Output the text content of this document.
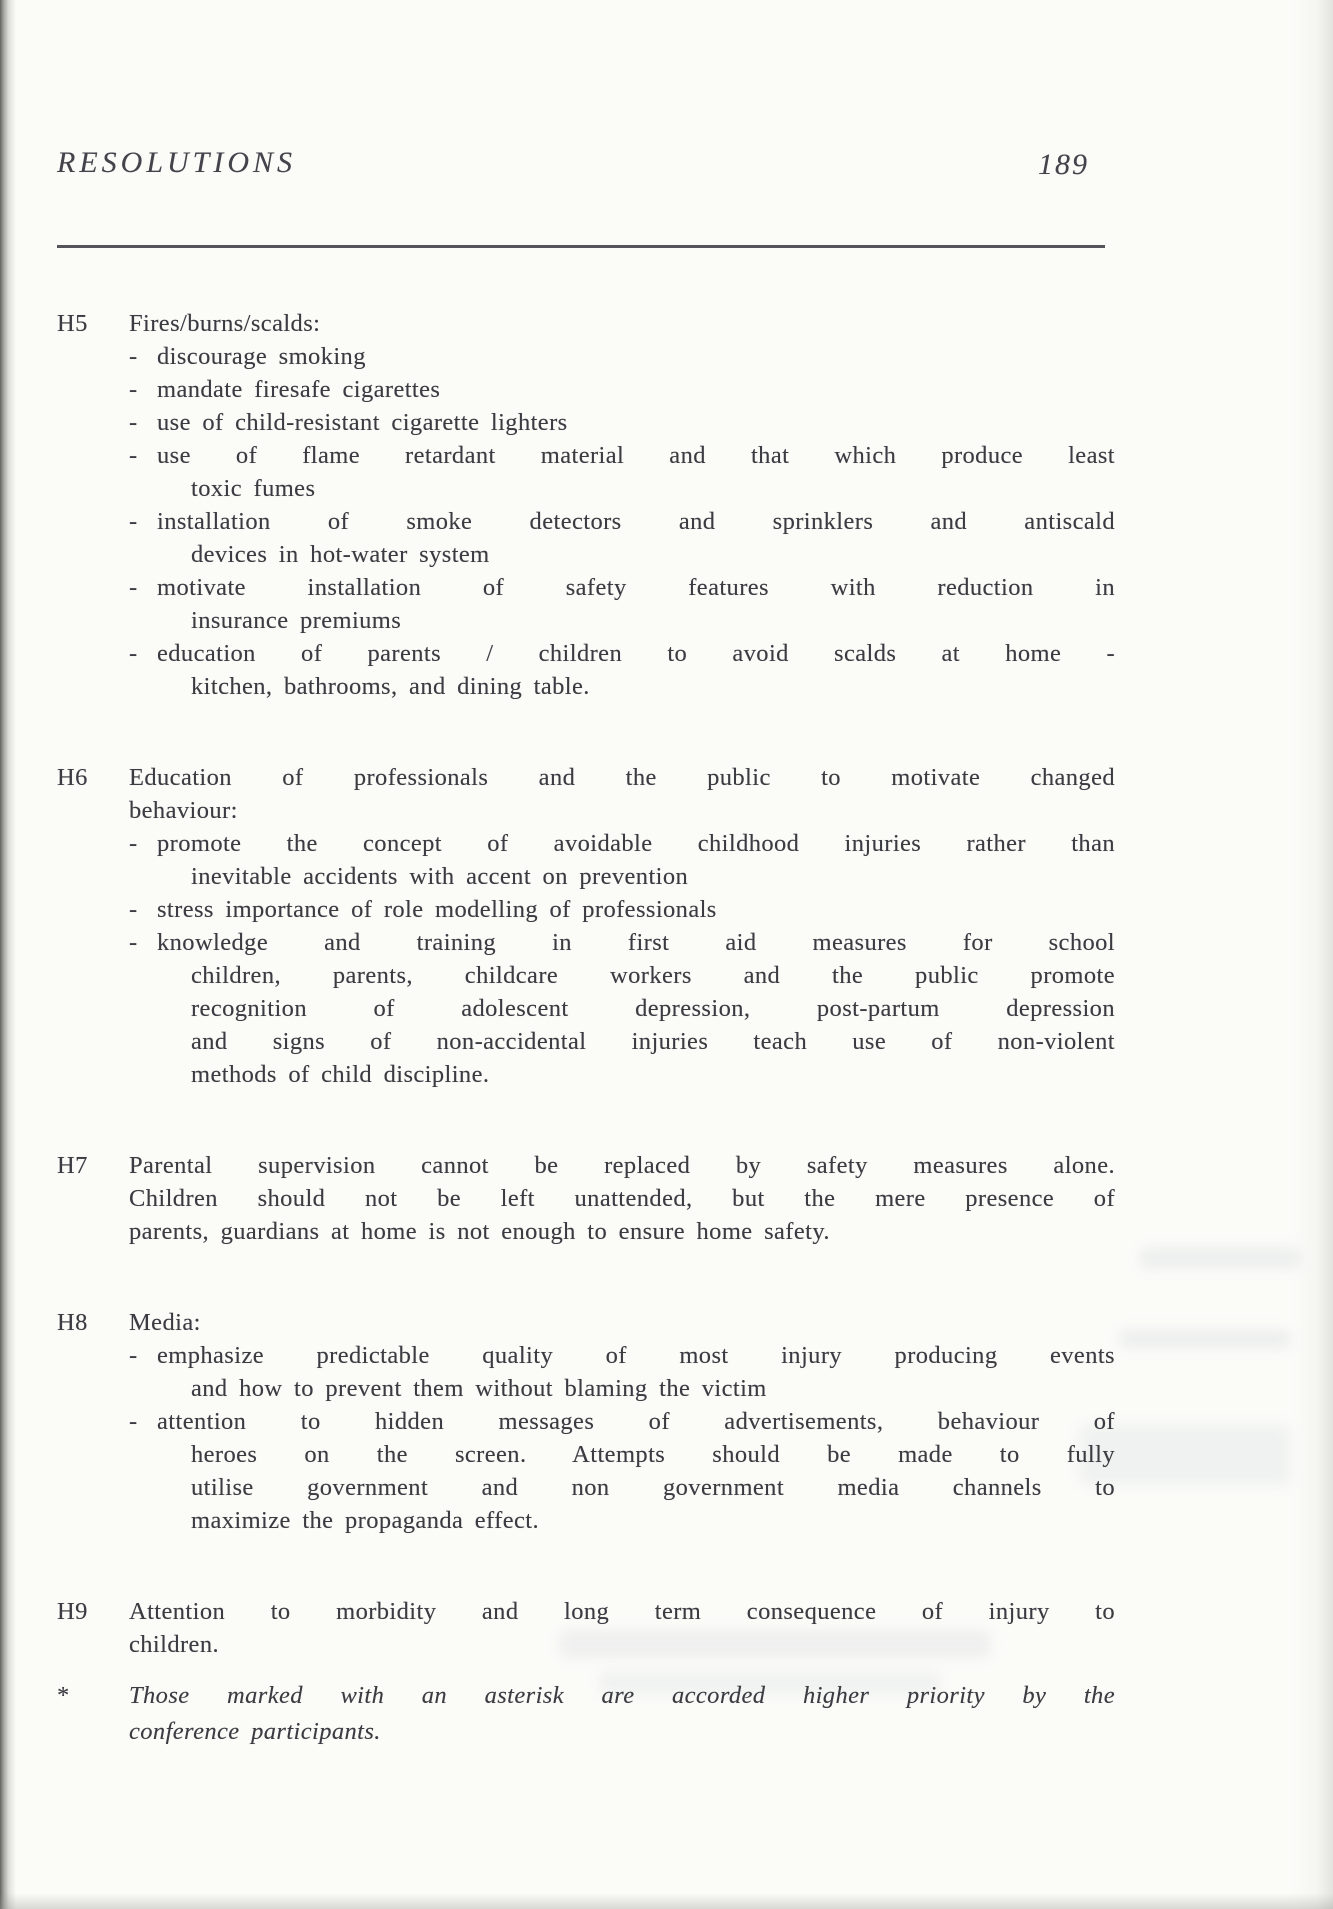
RESOLUTIONS	189
H5	Fires/burns/scalds:
- discourage smoking
- mandate firesafe cigarettes
- use of child-resistant cigarette lighters
- use of flame retardant material and that which produce least
toxic fumes
- installation of smoke detectors and sprinklers and antiscald
devices in hot-water system
- motivate installation of safety features with reduction in
insurance premiums
- education of parents / children to avoid scalds at home -
kitchen, bathrooms, and dining table.
H6	Education of professionals and the public to motivate changed
behaviour:
- promote the concept of avoidable childhood injuries rather than
inevitable accidents with accent on prevention
- stress importance of role modelling of professionals
- knowledge and training in first aid measures for school
children, parents, childcare workers and the public promote
recognition of adolescent depression, post-partum depression
and signs of non-accidental injuries teach use of non-violent
methods of child discipline.
H7	Parental supervision cannot be replaced by safety measures alone.
Children should not be left unattended, but the mere presence of
parents, guardians at home is not enough to ensure home safety.
H8	Media:
- emphasize predictable quality of most injury producing events
and how to prevent them without blaming the victim
- attention to hidden messages of advertisements, behaviour of
heroes on the screen. Attempts should be made to fully
utilise government and non government media channels to
maximize the propaganda effect.
H9	Attention to morbidity and long term consequence of injury to
children.
*	Those marked with an asterisk are accorded higher priority by the
conference participants.
